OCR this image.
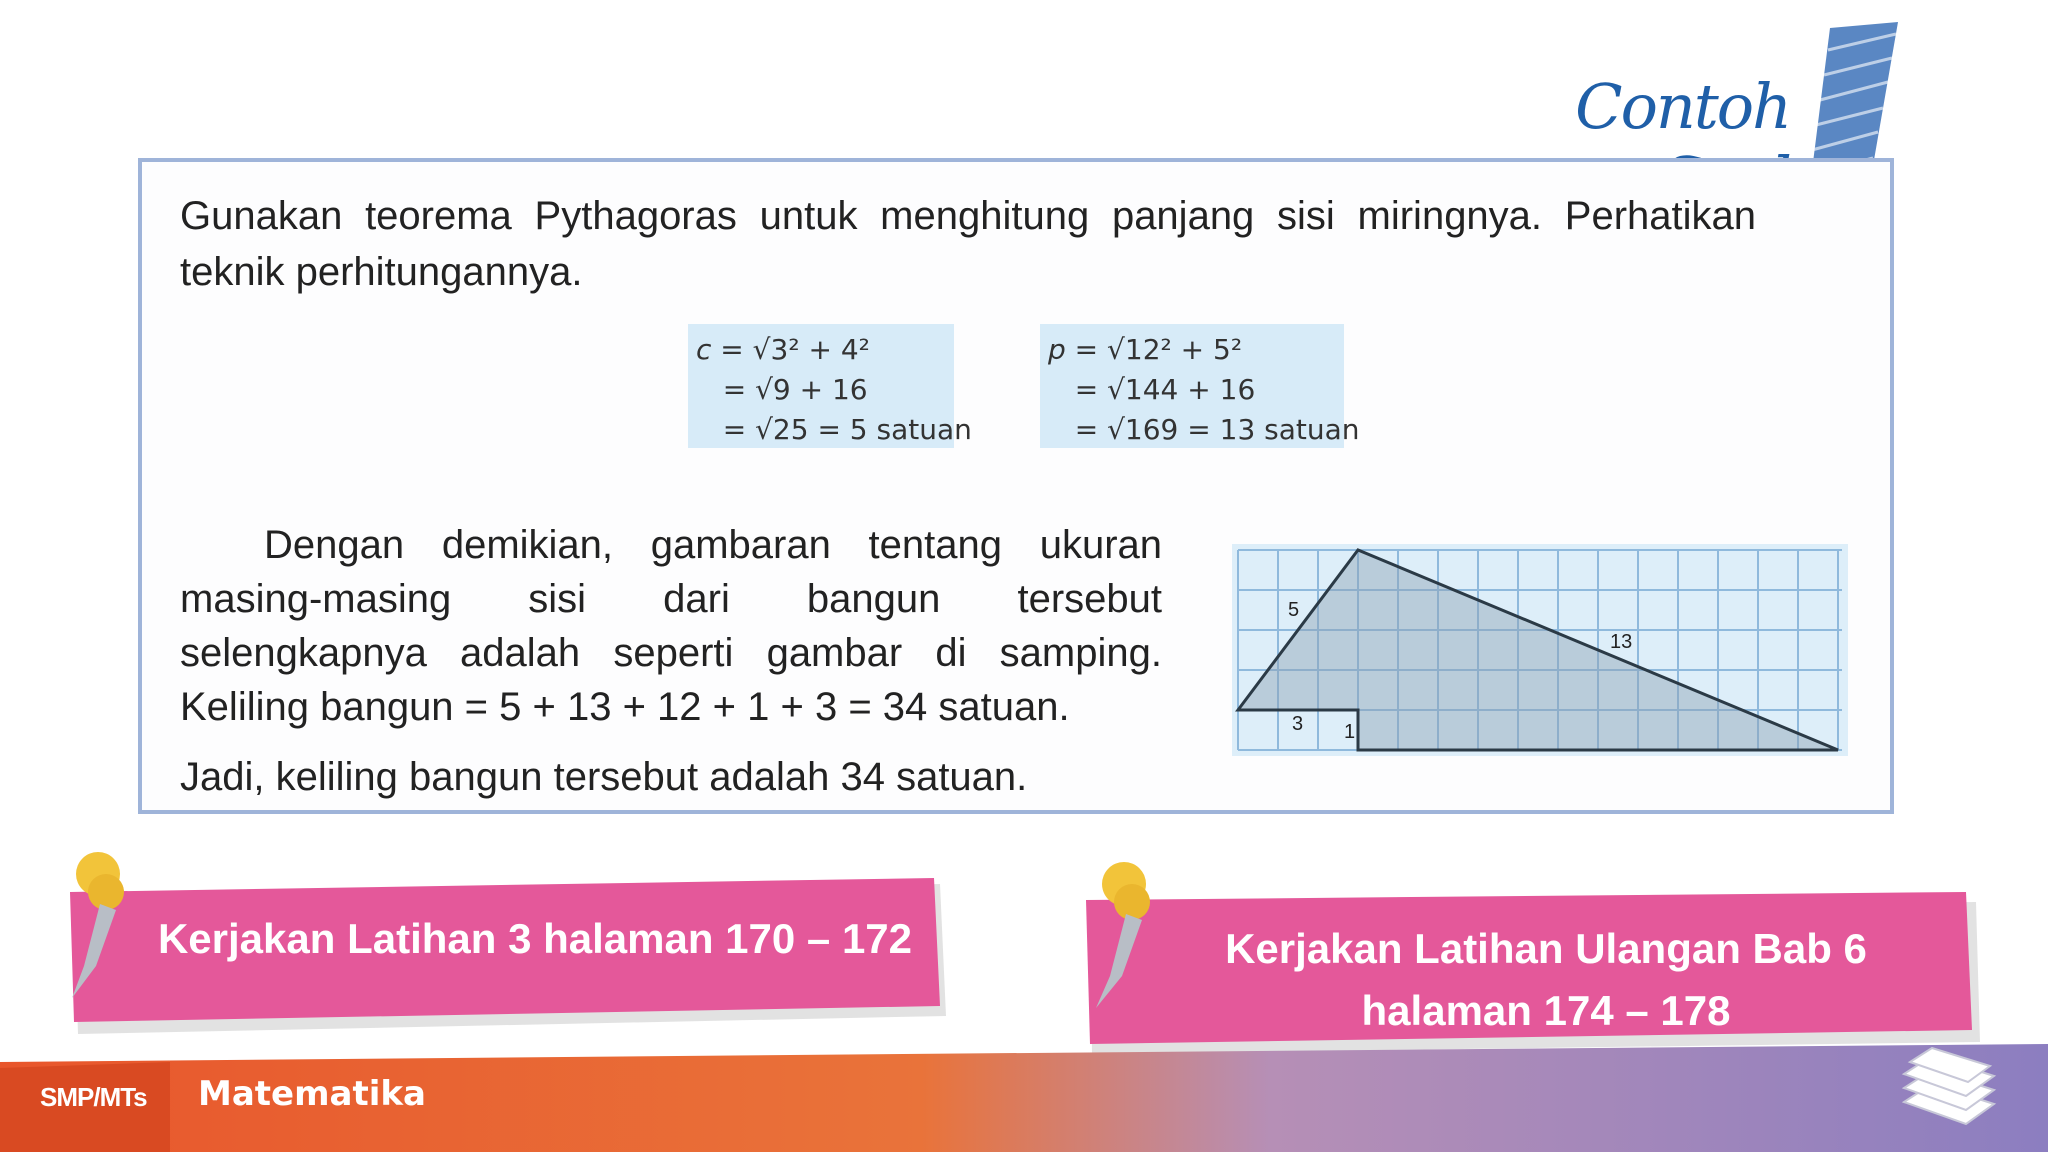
Contoh
Gunakan teorema Pythagoras untuk menghitung panjang sisi miringnya. Perhatikan teknik perhitungannya.
c = √3² + 4²
= √9 + 16
= √25 = 5 satuan
p = √12² + 5²
= √144 + 16
= √169 = 13 satuan
Dengan demikian, gambaran tentang ukuran
masing-masing sisi dari bangun tersebut
selengkapnya adalah seperti gambar di samping.
Keliling bangun = 5 + 13 + 12 + 1 + 3 = 34 satuan.
Jadi, keliling bangun tersebut adalah 34 satuan.
5
13
3 1
Kerjakan Latihan 3 halaman 170 – 172	Kerjakan Latihan Ulangan Bab 6
halaman 174 – 178
SMP/MTs Matematika
